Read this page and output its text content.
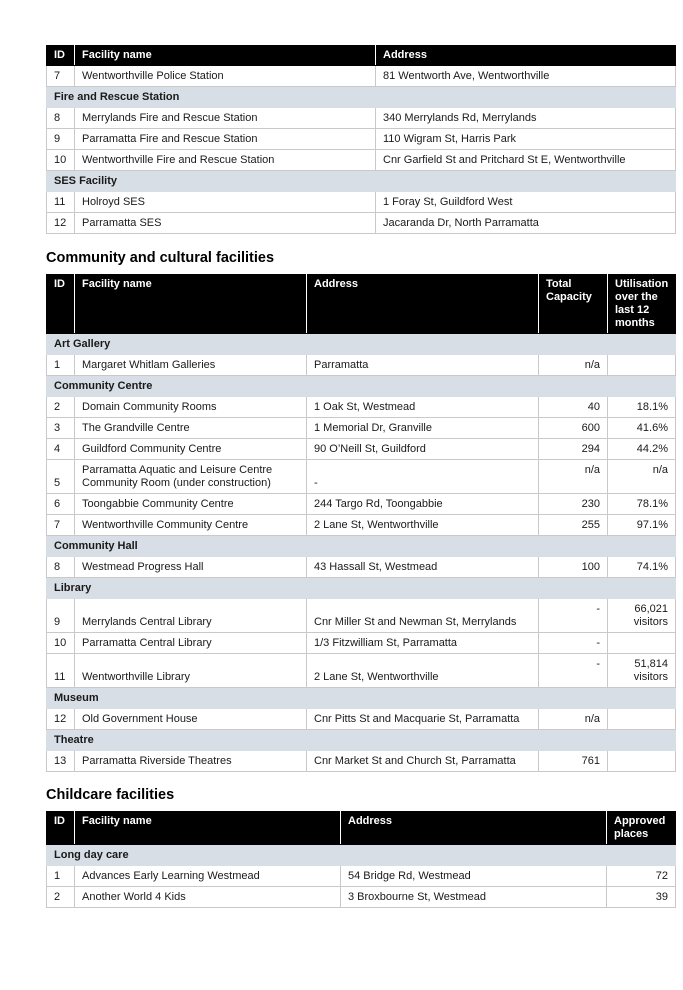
ID	Facility name	Address
7	Wentworthville Police Station	81 Wentworth Ave, Wentworthville
Fire and Rescue Station		
8	Merrylands Fire and Rescue Station	340 Merrylands Rd, Merrylands
9	Parramatta Fire and Rescue Station	110 Wigram St, Harris Park
10	Wentworthville Fire and Rescue Station	Cnr Garfield St and Pritchard St E, Wentworthville
SES Facility		
11	Holroyd SES	1 Foray St, Guildford West
12	Parramatta SES	Jacaranda Dr, North Parramatta
Community and cultural facilities
ID	Facility name	Address	Total Capacity	Utilisation over the last 12 months
Art Gallery				
1	Margaret Whitlam Galleries	Parramatta	n/a	
Community Centre				
2	Domain Community Rooms	1 Oak St, Westmead	40	18.1%
3	The Grandville Centre	1 Memorial Dr, Granville	600	41.6%
4	Guildford Community Centre	90 O’Neill St, Guildford	294	44.2%
5	Parramatta Aquatic and Leisure Centre Community Room (under construction)	-	n/a	n/a
6	Toongabbie Community Centre	244 Targo Rd, Toongabbie	230	78.1%
7	Wentworthville Community Centre	2 Lane St, Wentworthville	255	97.1%
Community Hall				
8	Westmead Progress Hall	43 Hassall St, Westmead	100	74.1%
Library				
9	Merrylands Central Library	Cnr Miller St and Newman St, Merrylands	-	66,021 visitors
10	Parramatta Central Library	1/3 Fitzwilliam St, Parramatta	-	
11	Wentworthville Library	2 Lane St, Wentworthville	-	51,814 visitors
Museum				
12	Old Government House	Cnr Pitts St and Macquarie St, Parramatta	n/a	
Theatre				
13	Parramatta Riverside Theatres	Cnr Market St and Church St, Parramatta	761	
Childcare facilities
ID	Facility name	Address	Approved places
Long day care			
1	Advances Early Learning Westmead	54 Bridge Rd, Westmead	72
2	Another World 4 Kids	3 Broxbourne St, Westmead	39
